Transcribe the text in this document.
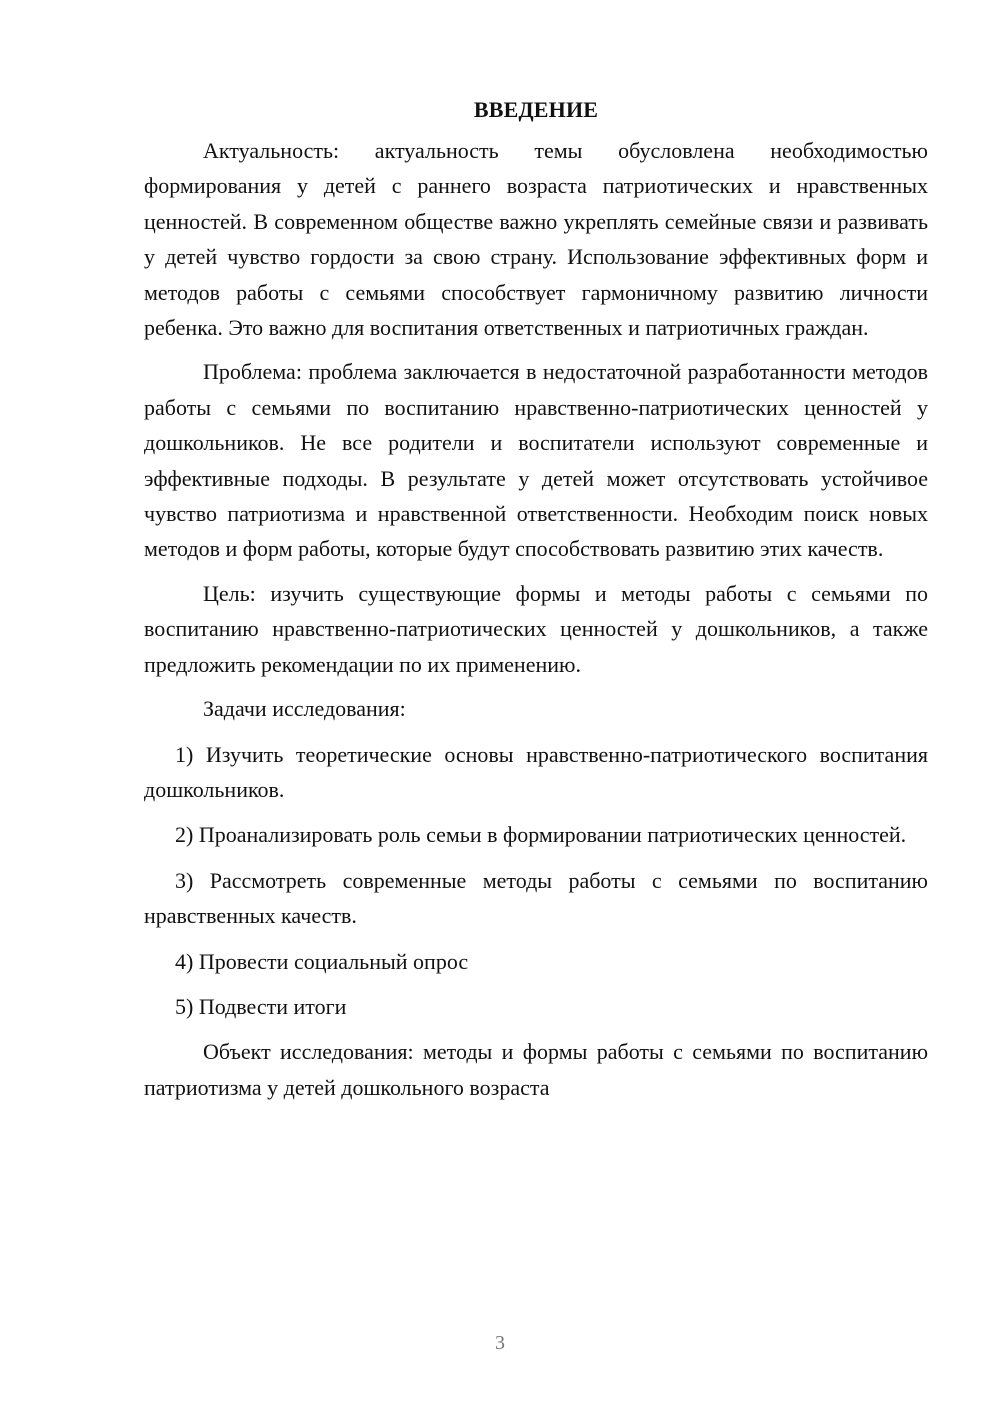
ВВЕДЕНИЕ

Актуальность: актуальность темы обусловлена необходимостью формирования у детей с раннего возраста патриотических и нравственных ценностей. В современном обществе важно укреплять семейные связи и развивать у детей чувство гордости за свою страну. Использование эффективных форм и методов работы с семьями способствует гармоничному развитию личности ребенка. Это важно для воспитания ответственных и патриотичных граждан.

Проблема: проблема заключается в недостаточной разработанности методов работы с семьями по воспитанию нравственно-патриотических ценностей у дошкольников. Не все родители и воспитатели используют современные и эффективные подходы. В результате у детей может отсутствовать устойчивое чувство патриотизма и нравственной ответственности. Необходим поиск новых методов и форм работы, которые будут способствовать развитию этих качеств.

Цель: изучить существующие формы и методы работы с семьями по воспитанию нравственно-патриотических ценностей у дошкольников, а также предложить рекомендации по их применению.

Задачи исследования:

1) Изучить теоретические основы нравственно-патриотического воспитания дошкольников.

2) Проанализировать роль семьи в формировании патриотических ценностей.

3) Рассмотреть современные методы работы с семьями по воспитанию нравственных качеств.

4) Провести социальный опрос

5) Подвести итоги

Объект исследования: методы и формы работы с семьями по воспитанию патриотизма у детей дошкольного возраста

3
